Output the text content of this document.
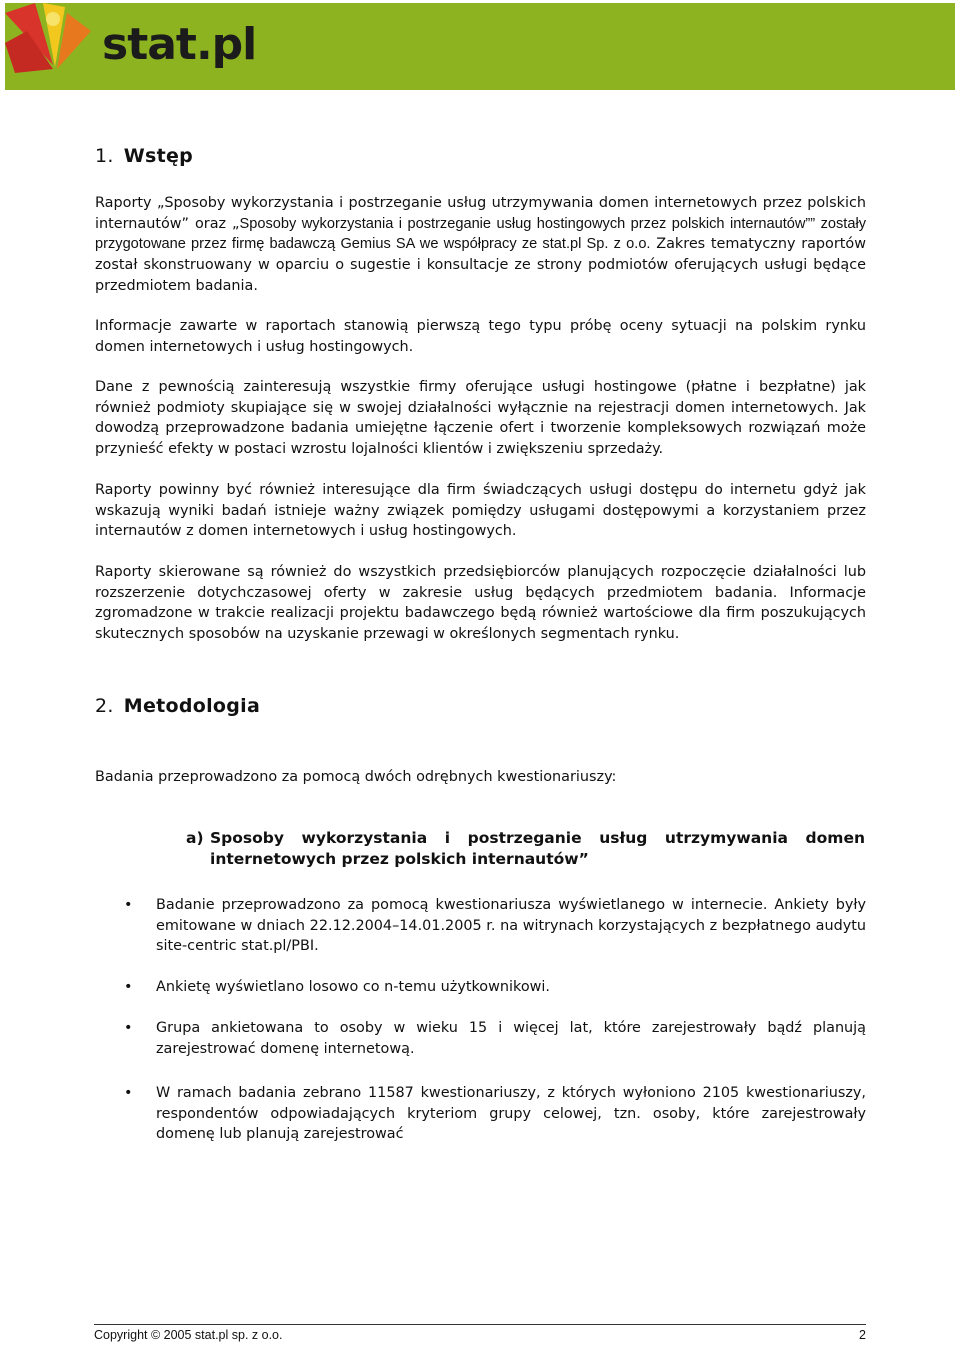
stat.pl
1. Wstęp

Raporty „Sposoby wykorzystania i postrzeganie usług utrzymywania domen internetowych przez polskich internautów” oraz „Sposoby wykorzystania i postrzeganie usług hostingowych przez polskich internautów”” zostały przygotowane przez firmę badawczą Gemius SA we współpracy ze stat.pl Sp. z o.o. Zakres tematyczny raportów został skonstruowany w oparciu o sugestie i konsultacje ze strony podmiotów oferujących usługi będące przedmiotem badania.

Informacje zawarte w raportach stanowią pierwszą tego typu próbę oceny sytuacji na polskim rynku domen internetowych i usług hostingowych.

Dane z pewnością zainteresują wszystkie firmy oferujące usługi hostingowe (płatne i bezpłatne) jak również podmioty skupiające się w swojej działalności wyłącznie na rejestracji domen internetowych. Jak dowodzą przeprowadzone badania umiejętne łączenie ofert i tworzenie kompleksowych rozwiązań może przynieść efekty w postaci wzrostu lojalności klientów i zwiększeniu sprzedaży.

Raporty powinny być również interesujące dla firm świadczących usługi dostępu do internetu gdyż jak wskazują wyniki badań istnieje ważny związek pomiędzy usługami dostępowymi a korzystaniem przez internautów z domen internetowych i usług hostingowych.

Raporty skierowane są również do wszystkich przedsiębiorców planujących rozpoczęcie działalności lub rozszerzenie dotychczasowej oferty w zakresie usług będących przedmiotem badania. Informacje zgromadzone w trakcie realizacji projektu badawczego będą również wartościowe dla firm poszukujących skutecznych sposobów na uzyskanie przewagi w określonych segmentach rynku.

2. Metodologia

Badania przeprowadzono za pomocą dwóch odrębnych kwestionariuszy:

a) Sposoby wykorzystania i postrzeganie usług utrzymywania domen internetowych przez polskich internautów”

•	Badanie przeprowadzono za pomocą kwestionariusza wyświetlanego w internecie. Ankiety były emitowane w dniach 22.12.2004–14.01.2005 r. na witrynach korzystających z bezpłatnego audytu site-centric stat.pl/PBI.
•	Ankietę wyświetlano losowo co n-temu użytkownikowi.
•	Grupa ankietowana to osoby w wieku 15 i więcej lat, które zarejestrowały bądź planują zarejestrować domenę internetową.
•	W ramach badania zebrano 11587 kwestionariuszy, z których wyłoniono 2105 kwestionariuszy, respondentów odpowiadających kryteriom grupy celowej, tzn. osoby, które zarejestrowały domenę lub planują zarejestrować
Copyright © 2005 stat.pl sp. z o.o.	2
